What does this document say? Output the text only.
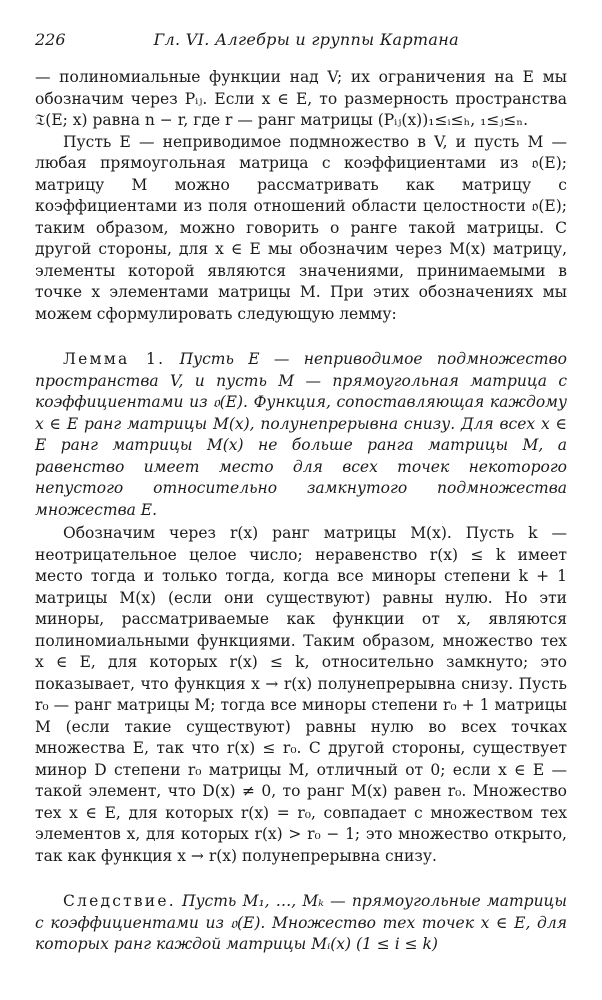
226	Гл. VI. Алгебры и группы Картана

— полиномиальные функции над V; их ограничения на E мы обозначим через Pᵢⱼ. Если x ∈ E, то размерность пространства 𝔗(E; x) равна n − r, где r — ранг матрицы (Pᵢⱼ(x))₁≤ᵢ≤ₕ, ₁≤ⱼ≤ₙ.

Пусть E — неприводимое подмножество в V, и пусть M — любая прямоугольная матрица с коэффициентами из 𝔬(E); матрицу M можно рассматривать как матрицу с коэффициентами из поля отношений области целостности 𝔬(E); таким образом, можно говорить о ранге такой матрицы. С другой стороны, для x ∈ E мы обозначим через M(x) матрицу, элементы которой являются значениями, принимаемыми в точке x элементами матрицы M. При этих обозначениях мы можем сформулировать следующую лемму:

Лемма 1. Пусть E — неприводимое подмножество пространства V, и пусть M — прямоугольная матрица с коэффициентами из 𝔬(E). Функция, сопоставляющая каждому x ∈ E ранг матрицы M(x), полунепрерывна снизу. Для всех x ∈ E ранг матрицы M(x) не больше ранга матрицы M, а равенство имеет место для всех точек некоторого непустого относительно замкнутого подмножества множества E.

Обозначим через r(x) ранг матрицы M(x). Пусть k — неотрицательное целое число; неравенство r(x) ≤ k имеет место тогда и только тогда, когда все миноры степени k + 1 матрицы M(x) (если они существуют) равны нулю. Но эти миноры, рассматриваемые как функции от x, являются полиномиальными функциями. Таким образом, множество тех x ∈ E, для которых r(x) ≤ k, относительно замкнуто; это показывает, что функция x → r(x) полунепрерывна снизу. Пусть r₀ — ранг матрицы M; тогда все миноры степени r₀ + 1 матрицы M (если такие существуют) равны нулю во всех точках множества E, так что r(x) ≤ r₀. С другой стороны, существует минор D степени r₀ матрицы M, отличный от 0; если x ∈ E — такой элемент, что D(x) ≠ 0, то ранг M(x) равен r₀. Множество тех x ∈ E, для которых r(x) = r₀, совпадает с множеством тех элементов x, для которых r(x) > r₀ − 1; это множество открыто, так как функция x → r(x) полунепрерывна снизу.

Следствие. Пусть M₁, …, Mₖ — прямоугольные матрицы с коэффициентами из 𝔬(E). Множество тех точек x ∈ E, для которых ранг каждой матрицы Mᵢ(x) (1 ≤ i ≤ k)
